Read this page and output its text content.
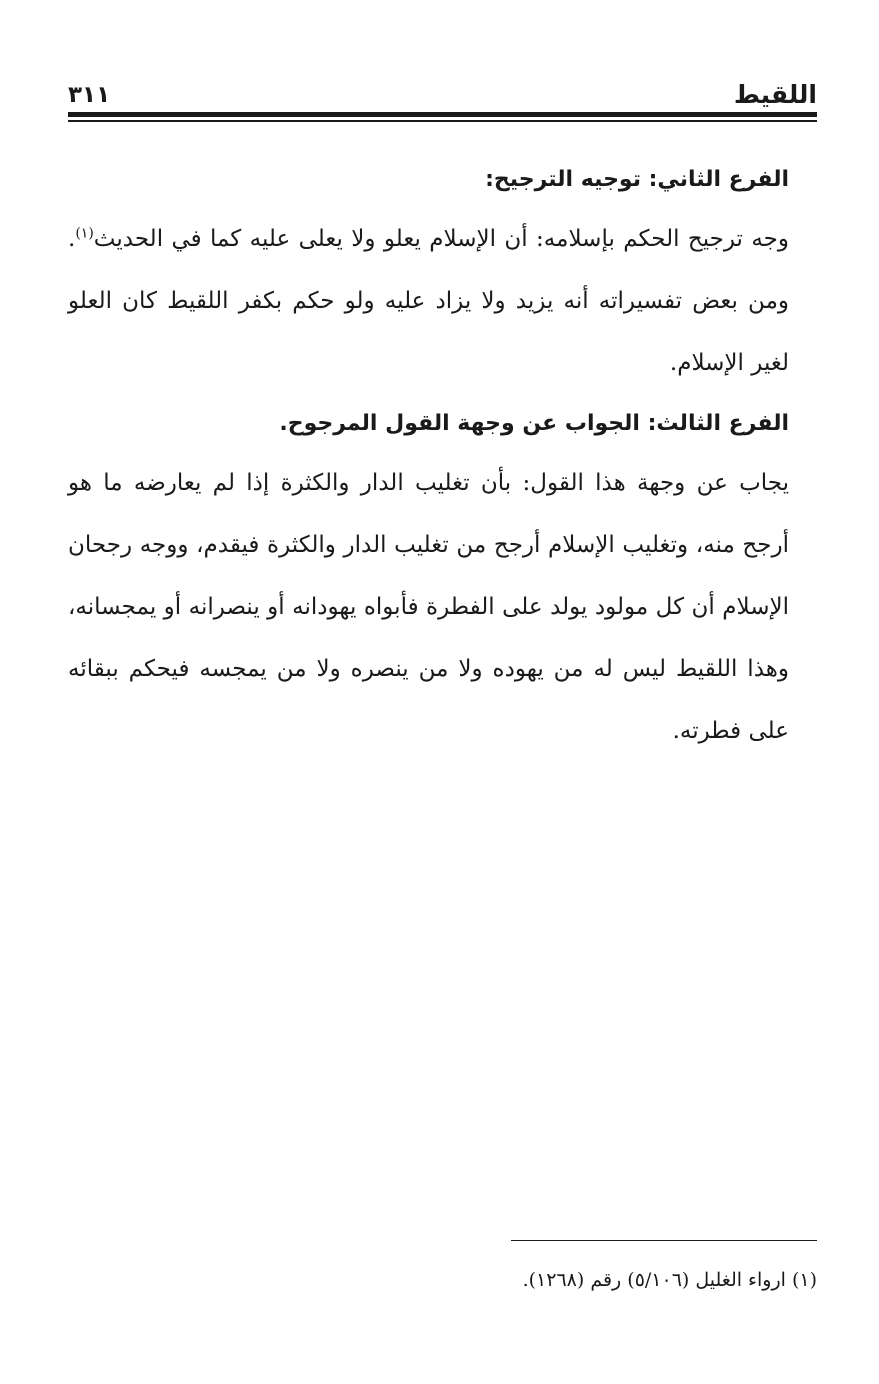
اللقيط
٣١١
الفرع الثاني: توجيه الترجيح:

وجه ترجيح الحكم بإسلامه: أن الإسلام يعلو ولا يعلى عليه كما في الحديث$^{(١)}$. ومن بعض تفسيراته أنه يزيد ولا يزاد عليه ولو حكم بكفر اللقيط كان العلو لغير الإسلام.

الفرع الثالث: الجواب عن وجهة القول المرجوح.

يجاب عن وجهة هذا القول: بأن تغليب الدار والكثرة إذا لم يعارضه ما هو أرجح منه، وتغليب الإسلام أرجح من تغليب الدار والكثرة فيقدم، ووجه رجحان الإسلام أن كل مولود يولد على الفطرة فأبواه يهودانه أو ينصرانه أو يمجسانه، وهذا اللقيط ليس له من يهوده ولا من ينصره ولا من يمجسه فيحكم ببقائه على فطرته.

(١) ارواء الغليل (٥/١٠٦) رقم (١٢٦٨).
